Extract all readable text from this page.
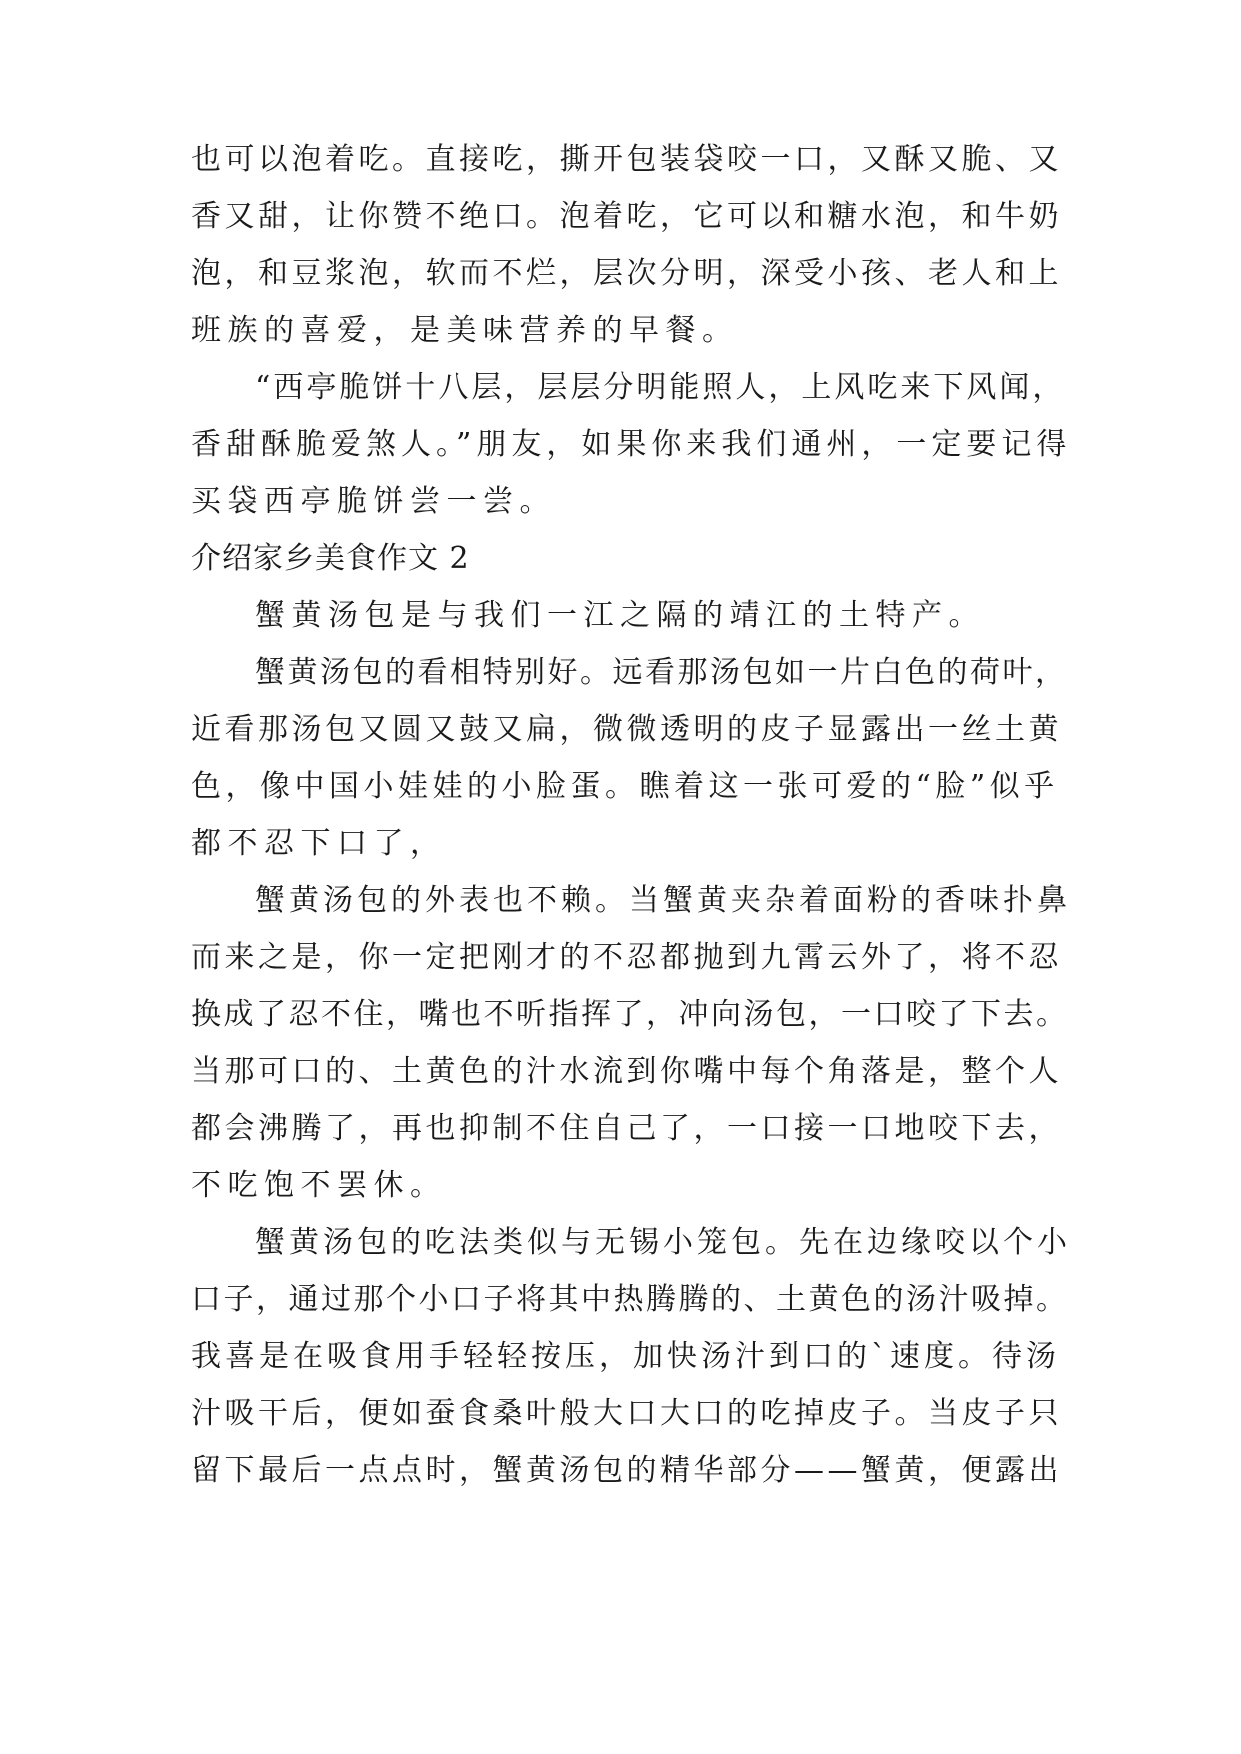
也可以泡着吃。直接吃，撕开包装袋咬一口，又酥又脆、又
香又甜，让你赞不绝口。泡着吃，它可以和糖水泡，和牛奶
泡，和豆浆泡，软而不烂，层次分明，深受小孩、老人和上
班族的喜爱，是美味营养的早餐。
“西亭脆饼十八层，层层分明能照人，上风吃来下风闻，
香甜酥脆爱煞人。”朋友，如果你来我们通州，一定要记得
买袋西亭脆饼尝一尝。
介绍家乡美食作文 2
蟹黄汤包是与我们一江之隔的靖江的土特产。
蟹黄汤包的看相特别好。远看那汤包如一片白色的荷叶，
近看那汤包又圆又鼓又扁，微微透明的皮子显露出一丝土黄
色，像中国小娃娃的小脸蛋。瞧着这一张可爱的“脸”似乎
都不忍下口了，
蟹黄汤包的外表也不赖。当蟹黄夹杂着面粉的香味扑鼻
而来之是，你一定把刚才的不忍都抛到九霄云外了，将不忍
换成了忍不住，嘴也不听指挥了，冲向汤包，一口咬了下去。
当那可口的、土黄色的汁水流到你嘴中每个角落是，整个人
都会沸腾了，再也抑制不住自己了，一口接一口地咬下去，
不吃饱不罢休。
蟹黄汤包的吃法类似与无锡小笼包。先在边缘咬以个小
口子，通过那个小口子将其中热腾腾的、土黄色的汤汁吸掉。
我喜是在吸食用手轻轻按压，加快汤汁到口的`速度。待汤
汁吸干后，便如蚕食桑叶般大口大口的吃掉皮子。当皮子只
留下最后一点点时，蟹黄汤包的精华部分——蟹黄，便露出
